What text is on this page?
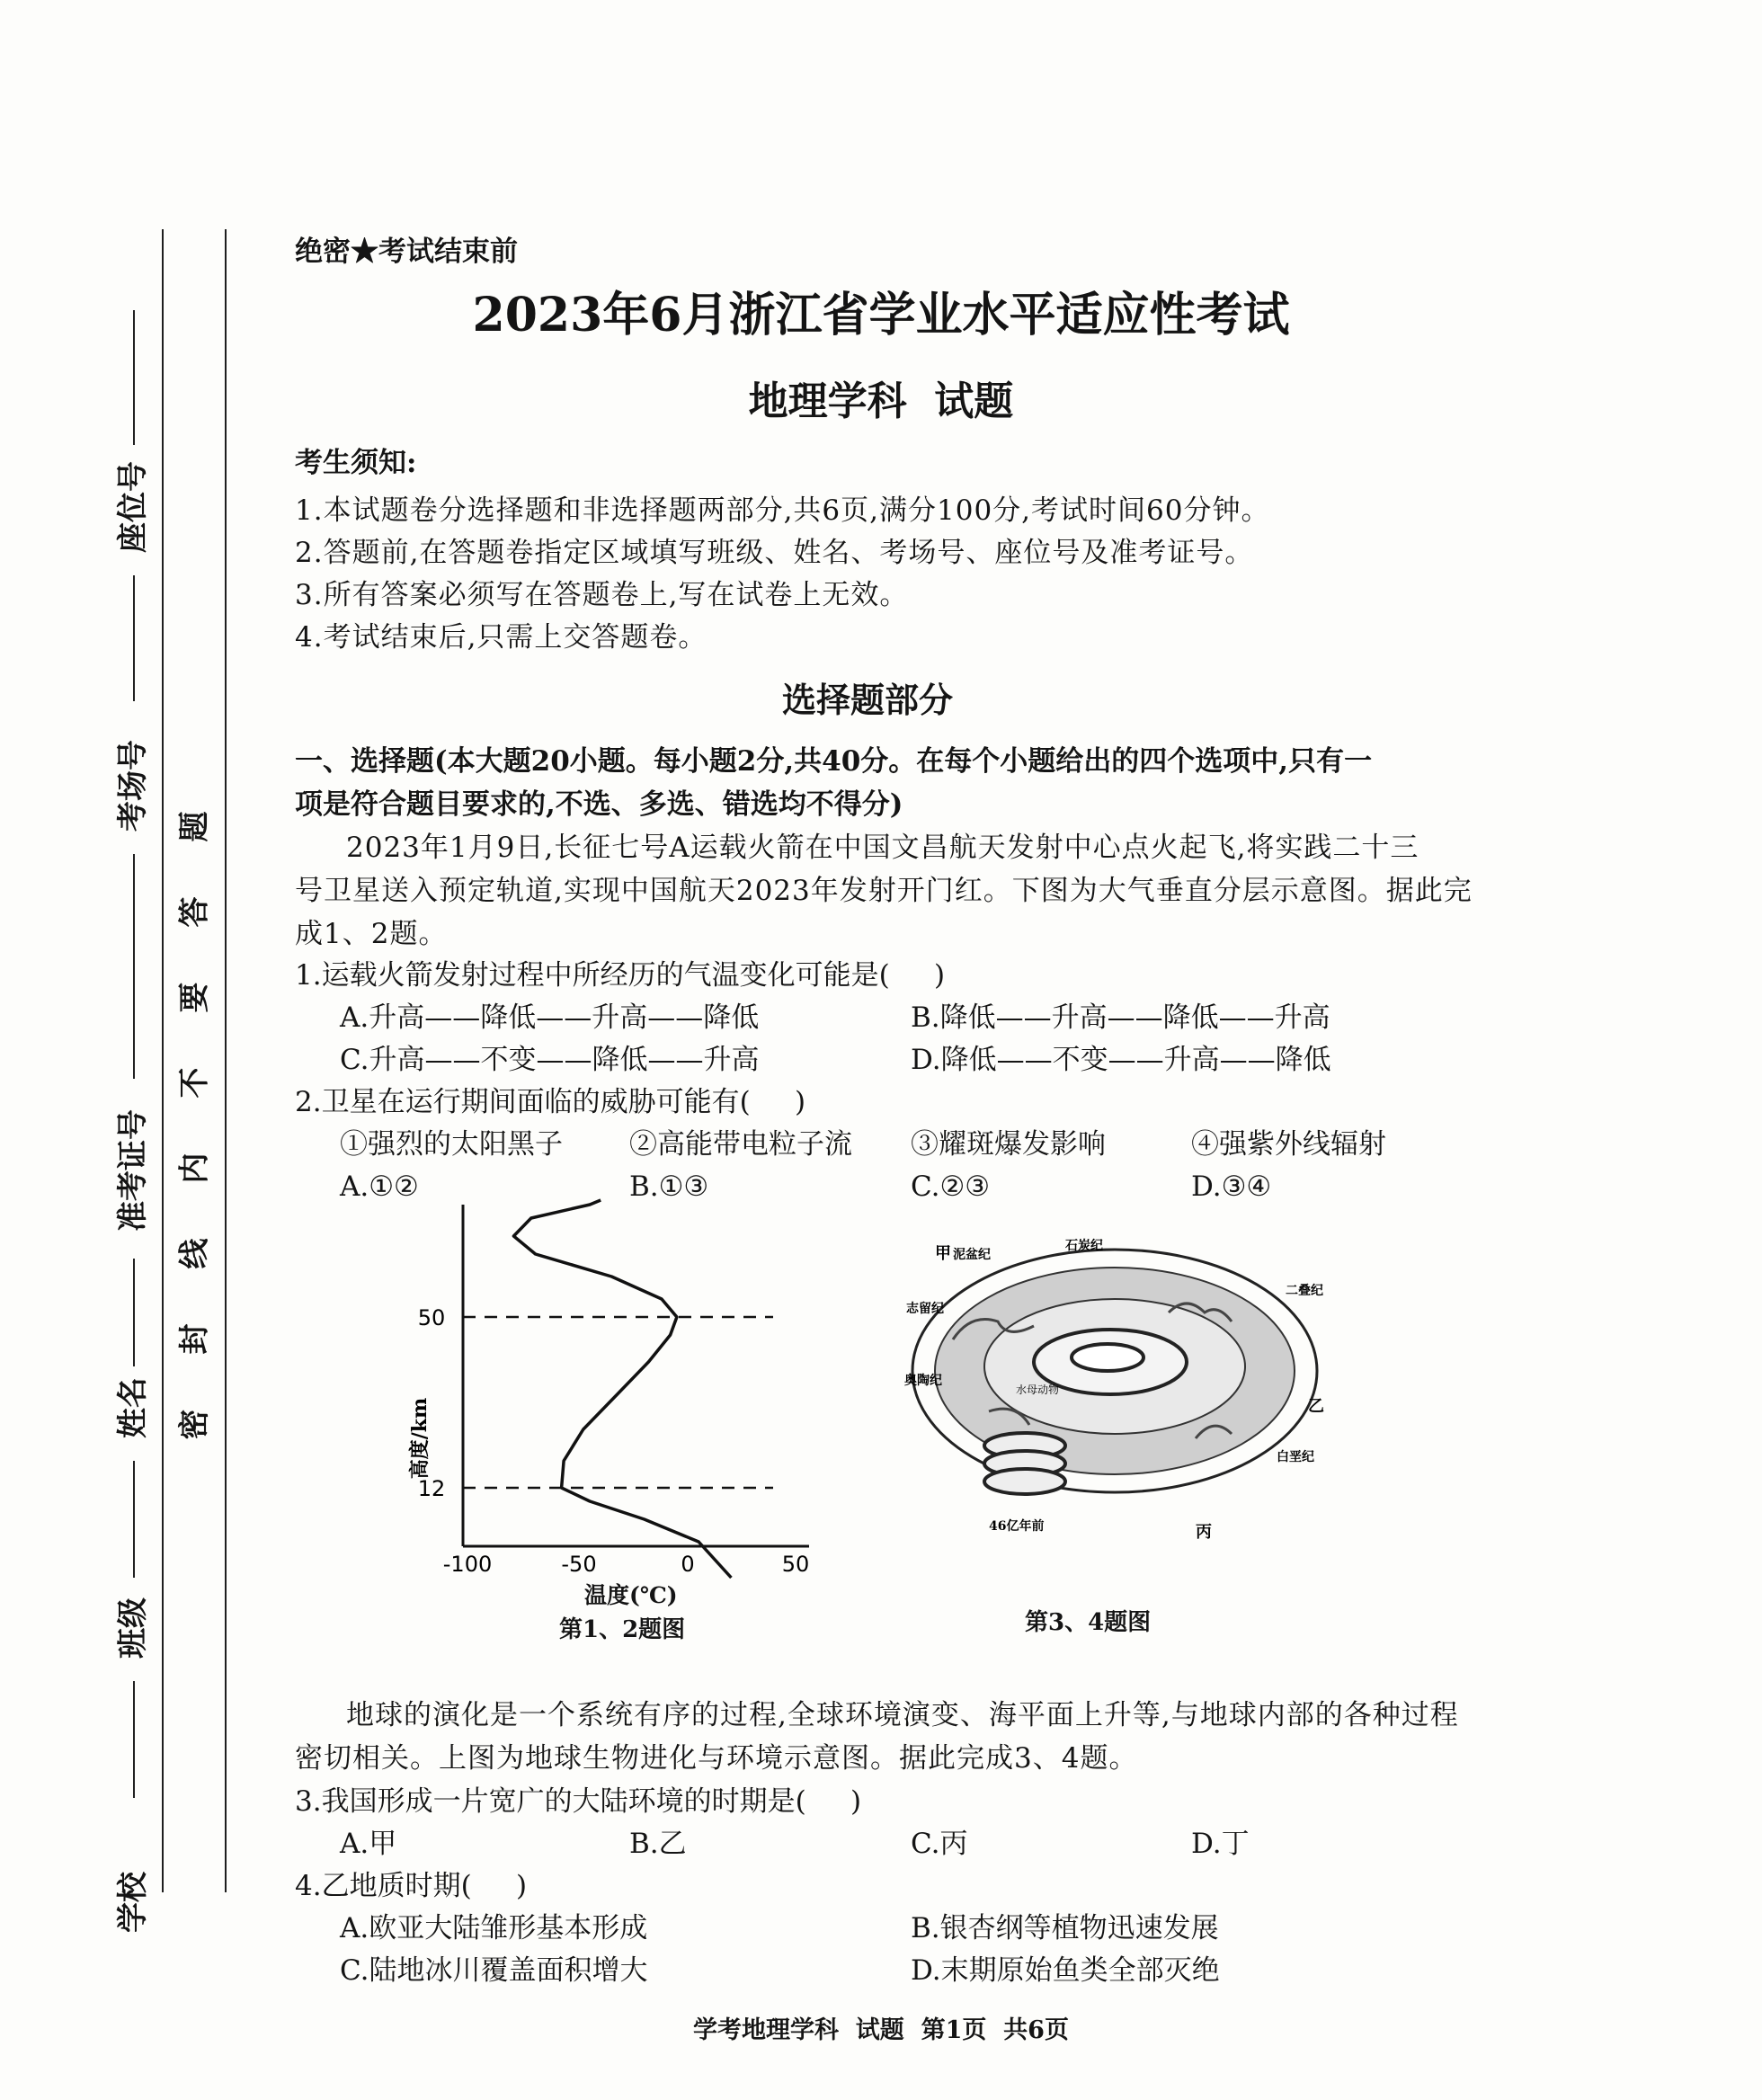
座位号
考场号
准考证号
姓名
班级
学校
题
答
要
不
内
线
封
密
绝密★考试结束前
2023年6月浙江省学业水平适应性考试
地理学科  试题
考生须知:
1.本试题卷分选择题和非选择题两部分,共6页,满分100分,考试时间60分钟。
2.答题前,在答题卷指定区域填写班级、姓名、考场号、座位号及准考证号。
3.所有答案必须写在答题卷上,写在试卷上无效。
4.考试结束后,只需上交答题卷。
选择题部分
一、选择题(本大题20小题。每小题2分,共40分。在每个小题给出的四个选项中,只有一
项是符合题目要求的,不选、多选、错选均不得分)
2023年1月9日,长征七号A运载火箭在中国文昌航天发射中心点火起飞,将实践二十三
号卫星送入预定轨道,实现中国航天2023年发射开门红。下图为大气垂直分层示意图。据此完
成1、2题。
1.运载火箭发射过程中所经历的气温变化可能是(     )
A.升高——降低——升高——降低	B.降低——升高——降低——升高
C.升高——不变——降低——升高	D.降低——不变——升高——降低
2.卫星在运行期间面临的威胁可能有(     )
①强烈的太阳黑子 ②高能带电粒子流 ③耀斑爆发影响	④强紫外线辐射
A.①②	B.①③	C.②③	D.③④
50
12
-100	-50	0	50
高度/km
温度(℃)
第1、2题图
石炭纪
二叠纪
泥盆纪
志留纪
奥陶纪
白垩纪
水母动物
甲
乙
丙
46亿年前
第3、4题图
地球的演化是一个系统有序的过程,全球环境演变、海平面上升等,与地球内部的各种过程
密切相关。上图为地球生物进化与环境示意图。据此完成3、4题。
3.我国形成一片宽广的大陆环境的时期是(     )
A.甲	B.乙	C.丙	D.丁
4.乙地质时期(     )
A.欧亚大陆雏形基本形成	B.银杏纲等植物迅速发展
C.陆地冰川覆盖面积增大	D.末期原始鱼类全部灭绝
学考地理学科  试题  第1页  共6页
